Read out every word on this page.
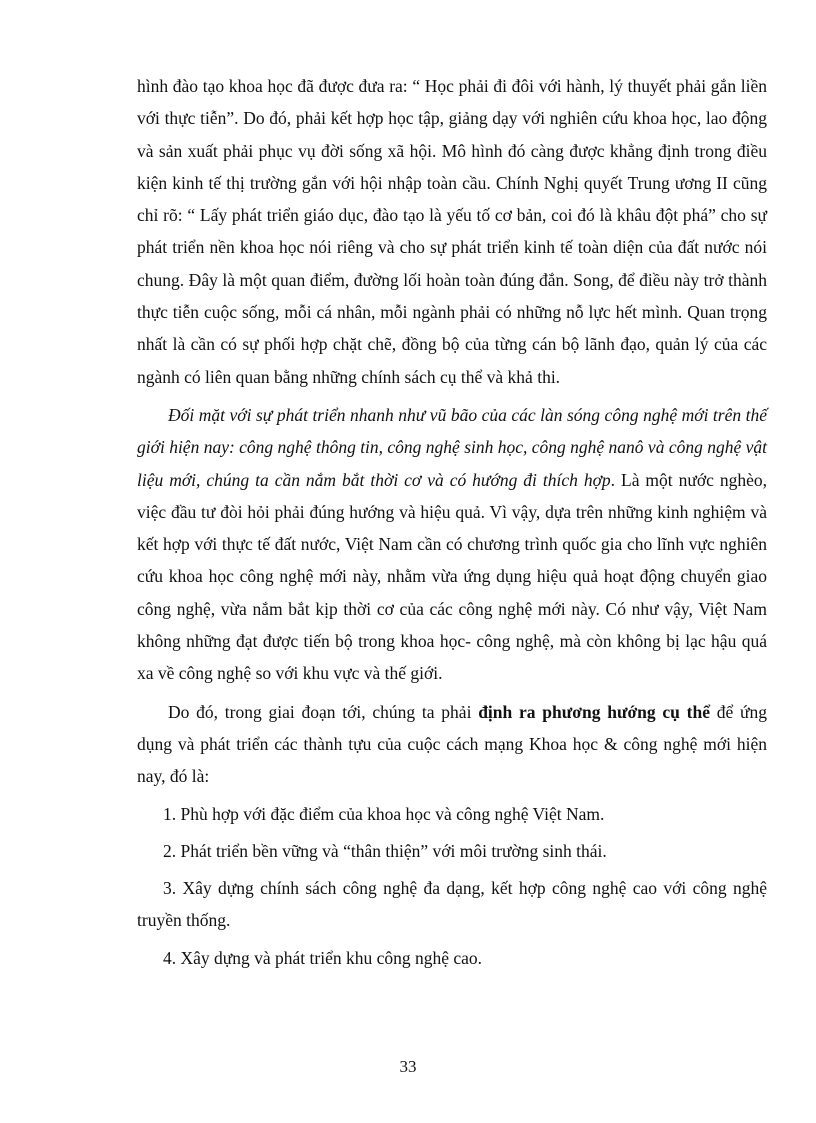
hình đào tạo khoa học đã được đưa ra: “ Học phải đi đôi với hành, lý thuyết phải gắn liền với thực tiễn”. Do đó, phải kết hợp học tập, giảng dạy với nghiên cứu khoa học, lao động và sản xuất phải phục vụ đời sống xã hội. Mô hình đó càng được khẳng định trong điều kiện kinh tế thị trường gắn với hội nhập toàn cầu. Chính Nghị quyết Trung ương II cũng chỉ rõ: “ Lấy phát triển giáo dục, đào tạo là yếu tố cơ bản, coi đó là khâu đột phá” cho sự phát triển nền khoa học nói riêng và cho sự phát triển kinh tế toàn diện của đất nước nói chung. Đây là một quan điểm, đường lối hoàn toàn đúng đắn. Song, để điều này trở thành thực tiễn cuộc sống, mỗi cá nhân, mỗi ngành phải có những nỗ lực hết mình. Quan trọng nhất là cần có sự phối hợp chặt chẽ, đồng bộ của từng cán bộ lãnh đạo, quản lý của các ngành có liên quan bằng những chính sách cụ thể và khả thi.

Đối mặt với sự phát triển nhanh như vũ bão của các làn sóng công nghệ mới trên thế giới hiện nay: công nghệ thông tin, công nghệ sinh học, công nghệ nanô và công nghệ vật liệu mới, chúng ta cần nắm bắt thời cơ và có hướng đi thích hợp. Là một nước nghèo, việc đầu tư đòi hỏi phải đúng hướng và hiệu quả. Vì vậy, dựa trên những kinh nghiệm và kết hợp với thực tế đất nước, Việt Nam cần có chương trình quốc gia cho lĩnh vực nghiên cứu khoa học công nghệ mới này, nhằm vừa ứng dụng hiệu quả hoạt động chuyển giao công nghệ, vừa nắm bắt kịp thời cơ của các công nghệ mới này. Có như vậy, Việt Nam không những đạt được tiến bộ trong khoa học- công nghệ, mà còn không bị lạc hậu quá xa về công nghệ so với khu vực và thế giới.

Do đó, trong giai đoạn tới, chúng ta phải định ra phương hướng cụ thể để ứng dụng và phát triển các thành tựu của cuộc cách mạng Khoa học & công nghệ mới hiện nay, đó là:

1. Phù hợp với đặc điểm của khoa học và công nghệ Việt Nam.

2. Phát triển bền vững và “thân thiện” với môi trường sinh thái.

3. Xây dựng chính sách công nghệ đa dạng, kết hợp công nghệ cao với công nghệ truyền thống.

4. Xây dựng và phát triển khu công nghệ cao.

33
